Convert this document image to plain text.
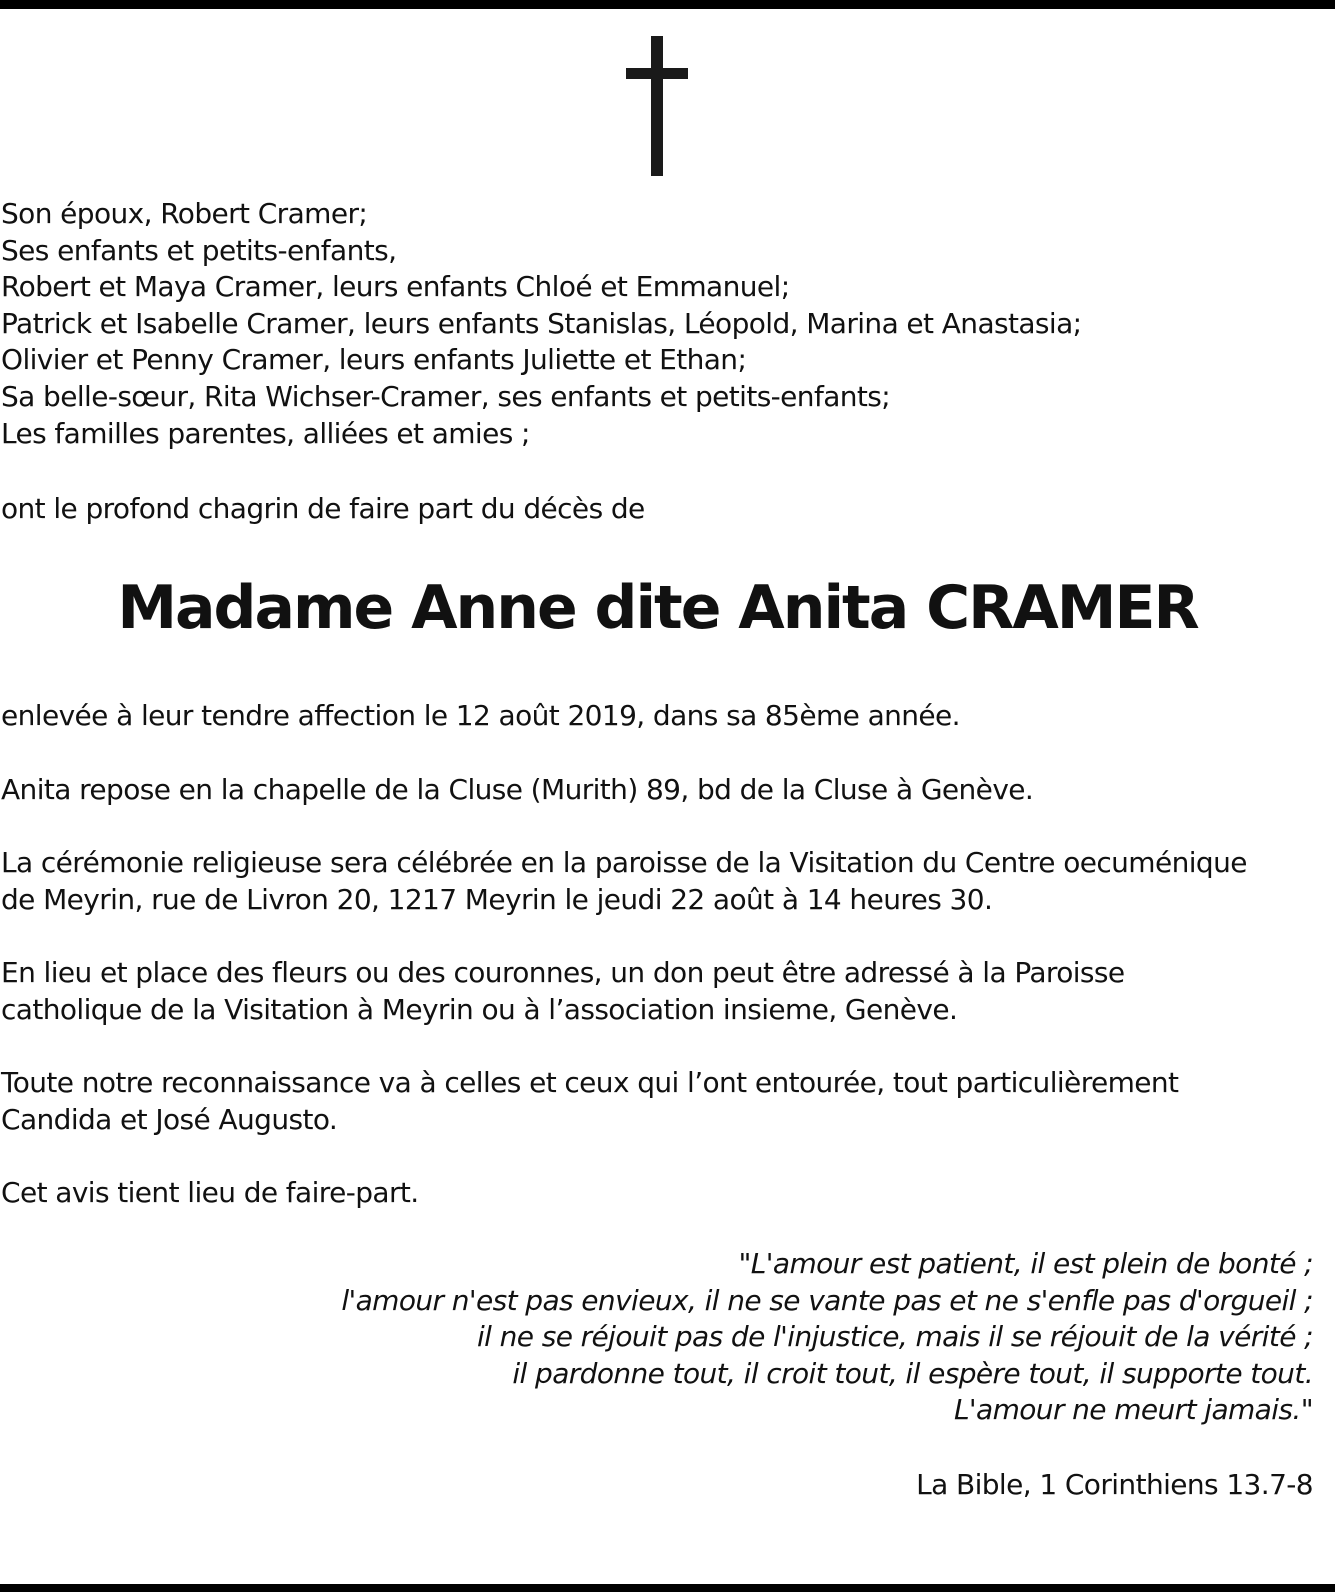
Son époux, Robert Cramer;
Ses enfants et petits-enfants,
Robert et Maya Cramer, leurs enfants Chloé et Emmanuel;
Patrick et Isabelle Cramer, leurs enfants Stanislas, Léopold, Marina et Anastasia;
Olivier et Penny Cramer, leurs enfants Juliette et Ethan;
Sa belle-sœur, Rita Wichser-Cramer, ses enfants et petits-enfants;
Les familles parentes, alliées et amies ;
ont le profond chagrin de faire part du décès de
Madame Anne dite Anita CRAMER
enlevée à leur tendre affection le 12 août 2019, dans sa 85ème année.
Anita repose en la chapelle de la Cluse (Murith) 89, bd de la Cluse à Genève.
La cérémonie religieuse sera célébrée en la paroisse de la Visitation du Centre oecuménique
de Meyrin, rue de Livron 20, 1217 Meyrin le jeudi 22 août à 14 heures 30.
En lieu et place des fleurs ou des couronnes, un don peut être adressé à la Paroisse
catholique de la Visitation à Meyrin ou à l’association insieme, Genève.
Toute notre reconnaissance va à celles et ceux qui l’ont entourée, tout particulièrement
Candida et José Augusto.
Cet avis tient lieu de faire-part.
"L'amour est patient, il est plein de bonté ;
l'amour n'est pas envieux, il ne se vante pas et ne s'enfle pas d'orgueil ;
il ne se réjouit pas de l'injustice, mais il se réjouit de la vérité ;
il pardonne tout, il croit tout, il espère tout, il supporte tout.
L'amour ne meurt jamais."
La Bible, 1 Corinthiens 13.7-8
